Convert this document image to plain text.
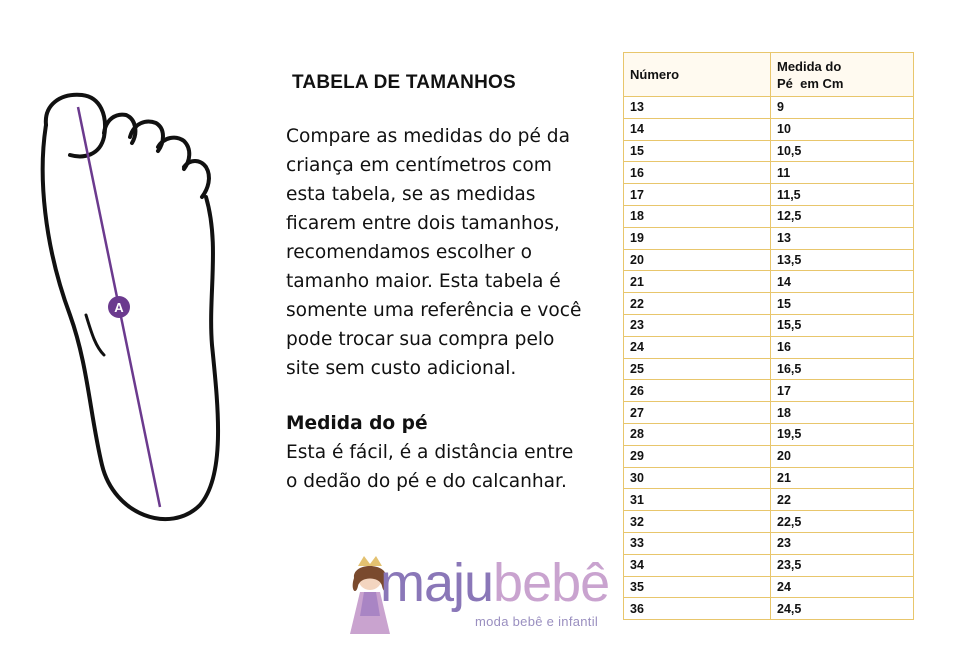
A
TABELA DE TAMANHOS

Compare as medidas do pé da criança em centímetros com esta tabela, se as medidas ficarem entre dois tamanhos, recomendamos escolher o tamanho maior. Esta tabela é somente uma referência e você pode trocar sua compra pelo site sem custo adicional.

Medida do pé

Esta é fácil, é a distância entre o dedão do pé e do calcanhar.

majubebê
moda bebê e infantil
Número	Medida do
Pé  em Cm

13	9
14	10
15	10,5
16	11
17	11,5
18	12,5
19	13
20	13,5
21	14
22	15
23	15,5
24	16
25	16,5
26	17
27	18
28	19,5
29	20
30	21
31	22
32	22,5
33	23
34	23,5
35	24
36	24,5
